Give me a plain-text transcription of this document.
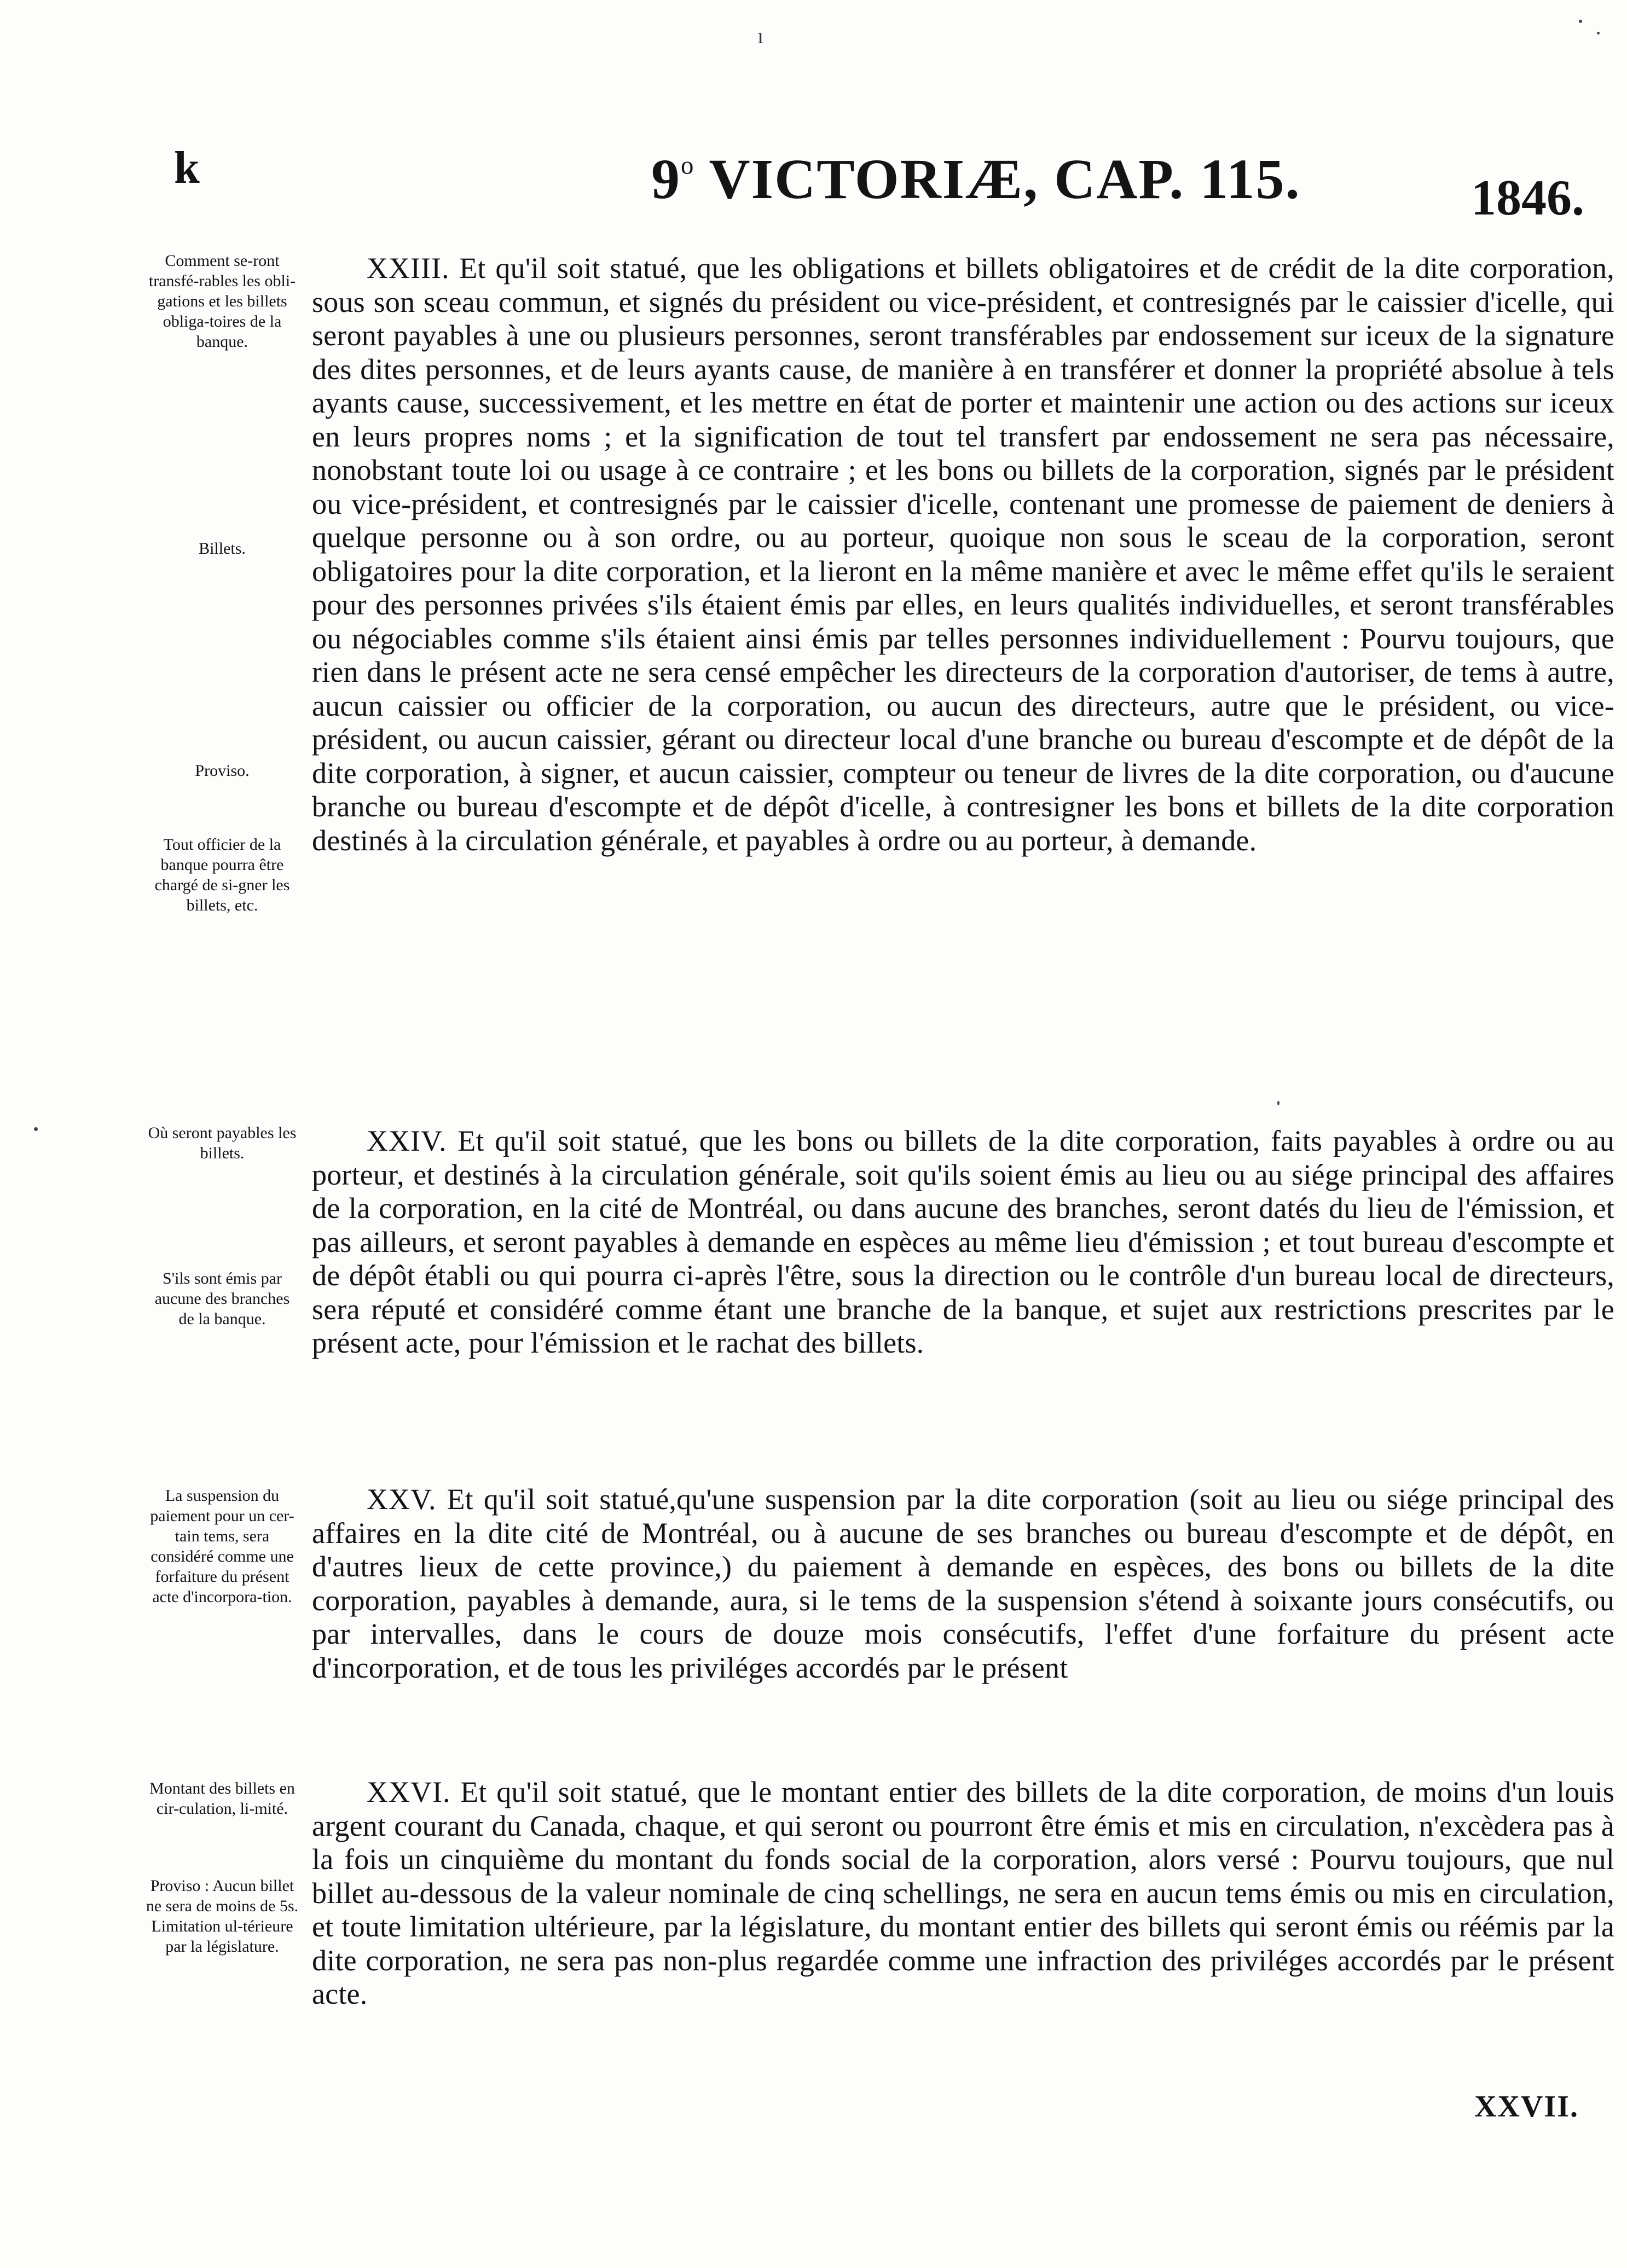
ı
k	9$^o$ VICTORIÆ, CAP. 115.	1846.
Comment se-ront transfé-rables les obli-gations et les billets obliga-toires de la banque.
Billets.
Proviso.
Tout officier de la banque pourra être chargé de si-gner les billets, etc.
Où seront payables les billets.
S'ils sont émis par aucune des branches de la banque.
La suspension du paiement pour un cer-tain tems, sera considéré comme une forfaiture du présent acte d'incorpora-tion.
Montant des billets en cir-culation, li-mité.
Proviso : Aucun billet ne sera de moins de 5s. Limitation ul-térieure par la législature.
XXIII. Et qu'il soit statué, que les obligations et billets obligatoires et de crédit de la dite corporation, sous son sceau commun, et signés du président ou vice-président, et contresignés par le caissier d'icelle, qui seront payables à une ou plusieurs personnes, seront transférables par endossement sur iceux de la signature des dites personnes, et de leurs ayants cause, de manière à en transférer et donner la propriété absolue à tels ayants cause, successivement, et les mettre en état de porter et maintenir une action ou des actions sur iceux en leurs propres noms ; et la signification de tout tel transfert par endossement ne sera pas nécessaire, nonobstant toute loi ou usage à ce contraire ; et les bons ou billets de la corporation, signés par le président ou vice-président, et contresignés par le caissier d'icelle, contenant une promesse de paiement de deniers à quelque personne ou à son ordre, ou au porteur, quoique non sous le sceau de la corporation, seront obligatoires pour la dite corporation, et la lieront en la même manière et avec le même effet qu'ils le seraient pour des personnes privées s'ils étaient émis par elles, en leurs qualités individuelles, et seront transférables ou négociables comme s'ils étaient ainsi émis par telles personnes individuellement : Pourvu toujours, que rien dans le présent acte ne sera censé empêcher les directeurs de la corporation d'autoriser, de tems à autre, aucun caissier ou officier de la corporation, ou aucun des directeurs, autre que le président, ou vice-président, ou aucun caissier, gérant ou directeur local d'une branche ou bureau d'escompte et de dépôt de la dite corporation, à signer, et aucun caissier, compteur ou teneur de livres de la dite corporation, ou d'aucune branche ou bureau d'escompte et de dépôt d'icelle, à contresigner les bons et billets de la dite corporation destinés à la circulation générale, et payables à ordre ou au porteur, à demande.
XXIV. Et qu'il soit statué, que les bons ou billets de la dite corporation, faits payables à ordre ou au porteur, et destinés à la circulation générale, soit qu'ils soient émis au lieu ou au siége principal des affaires de la corporation, en la cité de Montréal, ou dans aucune des branches, seront datés du lieu de l'émission, et pas ailleurs, et seront payables à demande en espèces au même lieu d'émission ; et tout bureau d'escompte et de dépôt établi ou qui pourra ci-après l'être, sous la direction ou le contrôle d'un bureau local de directeurs, sera réputé et considéré comme étant une branche de la banque, et sujet aux restrictions prescrites par le présent acte, pour l'émission et le rachat des billets.
XXV. Et qu'il soit statué,qu'une suspension par la dite corporation (soit au lieu ou siége principal des affaires en la dite cité de Montréal, ou à aucune de ses branches ou bureau d'escompte et de dépôt, en d'autres lieux de cette province,) du paiement à demande en espèces, des bons ou billets de la dite corporation, payables à demande, aura, si le tems de la suspension s'étend à soixante jours consécutifs, ou par intervalles, dans le cours de douze mois consécutifs, l'effet d'une forfaiture du présent acte d'incorporation, et de tous les priviléges accordés par le présent
XXVI. Et qu'il soit statué, que le montant entier des billets de la dite corporation, de moins d'un louis argent courant du Canada, chaque, et qui seront ou pourront être émis et mis en circulation, n'excèdera pas à la fois un cinquième du montant du fonds social de la corporation, alors versé : Pourvu toujours, que nul billet au-dessous de la valeur nominale de cinq schellings, ne sera en aucun tems émis ou mis en circulation, et toute limitation ultérieure, par la législature, du montant entier des billets qui seront émis ou réémis par la dite corporation, ne sera pas non-plus regardée comme une infraction des priviléges accordés par le présent acte.
XXVII.
